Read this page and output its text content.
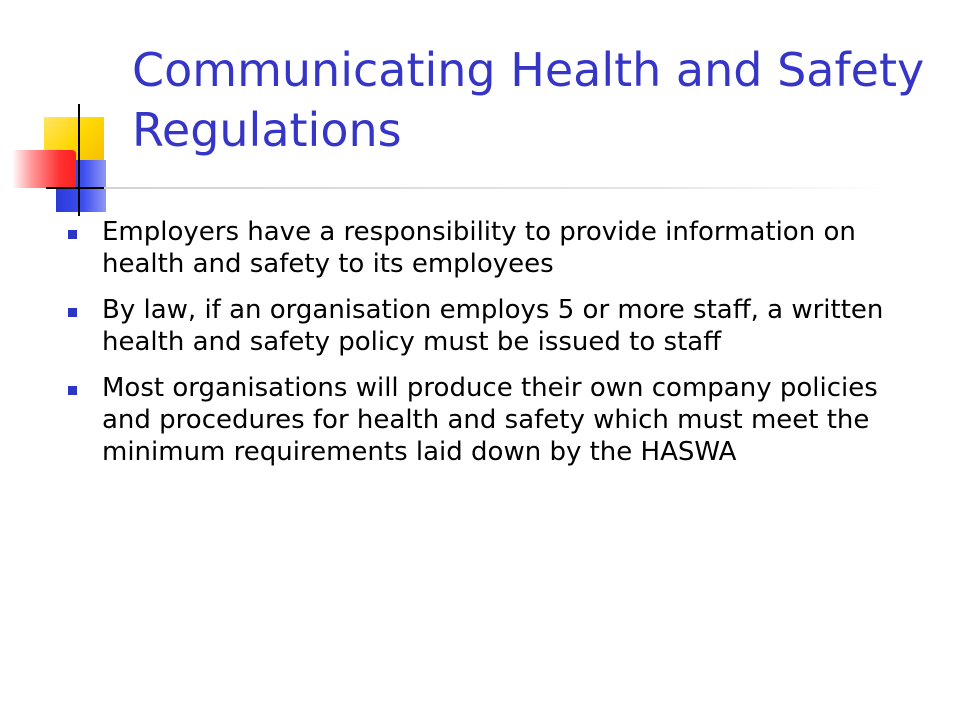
Communicating Health and Safety Regulations
Employers have a responsibility to provide information on health and safety to its employees
By law, if an organisation employs 5 or more staff, a written health and safety policy must be issued to staff
Most organisations will produce their own company policies and procedures for health and safety which must meet the minimum requirements laid down by the HASWA
